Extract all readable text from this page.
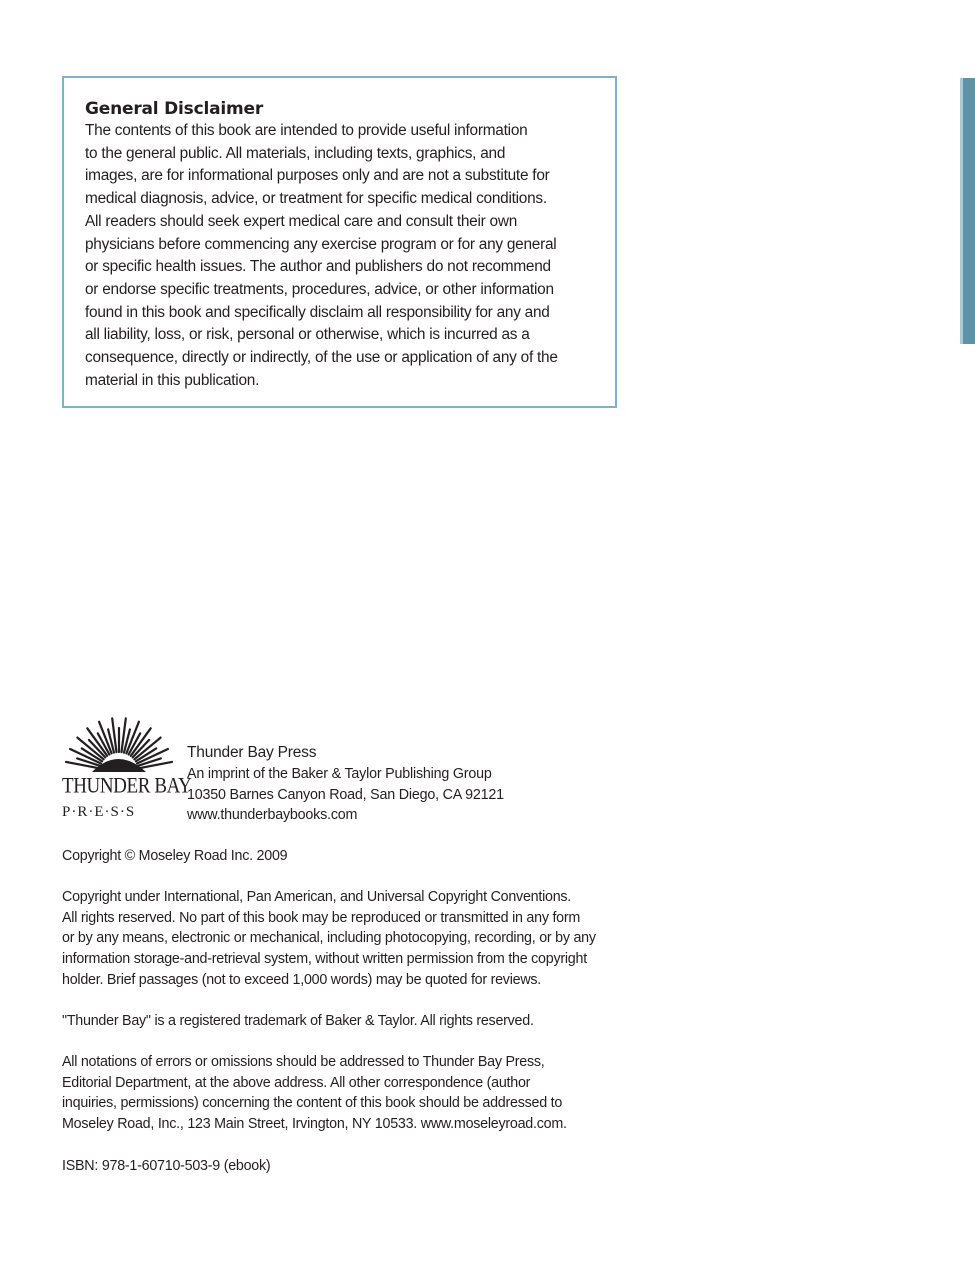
General Disclaimer
The contents of this book are intended to provide useful information
to the general public. All materials, including texts, graphics, and
images, are for informational purposes only and are not a substitute for
medical diagnosis, advice, or treatment for specific medical conditions.
All readers should seek expert medical care and consult their own
physicians before commencing any exercise program or for any general
or specific health issues. The author and publishers do not recommend
or endorse specific treatments, procedures, advice, or other information
found in this book and specifically disclaim all responsibility for any and
all liability, loss, or risk, personal or otherwise, which is incurred as a
consequence, directly or indirectly, of the use or application of any of the
material in this publication.
THUNDER BAY
P·R·E·S·S
Thunder Bay Press
An imprint of the Baker & Taylor Publishing Group
10350 Barnes Canyon Road, San Diego, CA 92121
www.thunderbaybooks.com
Copyright © Moseley Road Inc. 2009
Copyright under International, Pan American, and Universal Copyright Conventions.
All rights reserved. No part of this book may be reproduced or transmitted in any form
or by any means, electronic or mechanical, including photocopying, recording, or by any
information storage-and-retrieval system, without written permission from the copyright
holder. Brief passages (not to exceed 1,000 words) may be quoted for reviews.
"Thunder Bay" is a registered trademark of Baker & Taylor. All rights reserved.
All notations of errors or omissions should be addressed to Thunder Bay Press,
Editorial Department, at the above address. All other correspondence (author
inquiries, permissions) concerning the content of this book should be addressed to
Moseley Road, Inc., 123 Main Street, Irvington, NY 10533. www.moseleyroad.com.
ISBN: 978-1-60710-503-9 (ebook)
